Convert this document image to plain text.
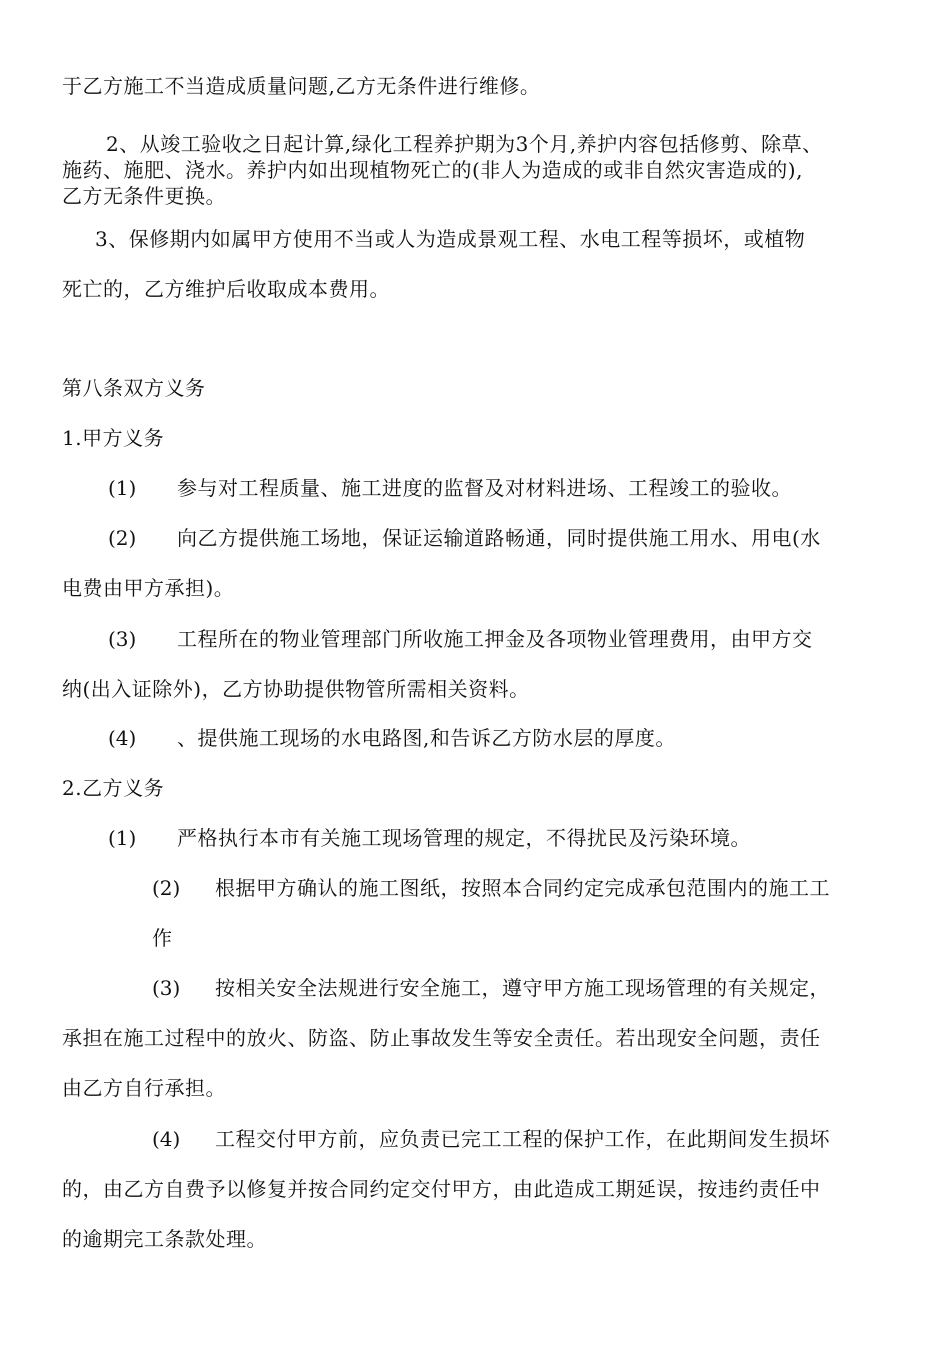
于乙方施工不当造成质量问题,乙方无条件进行维修。
2、从竣工验收之日起计算,绿化工程养护期为3个月,养护内容包括修剪、除草、
施药、施肥、浇水。养护内如出现植物死亡的(非人为造成的或非自然灾害造成的),
乙方无条件更换。
3、保修期内如属甲方使用不当或人为造成景观工程、水电工程等损坏，或植物
死亡的，乙方维护后收取成本费用。
第八条双方义务
1.甲方义务
(1) 参与对工程质量、施工进度的监督及对材料进场、工程竣工的验收。
(2) 向乙方提供施工场地，保证运输道路畅通，同时提供施工用水、用电(水
电费由甲方承担)。
(3) 工程所在的物业管理部门所收施工押金及各项物业管理费用，由甲方交
纳(出入证除外)，乙方协助提供物管所需相关资料。
(4) 、提供施工现场的水电路图,和告诉乙方防水层的厚度。
2.乙方义务
(1) 严格执行本市有关施工现场管理的规定，不得扰民及污染环境。
(2) 根据甲方确认的施工图纸，按照本合同约定完成承包范围内的施工工
作
(3) 按相关安全法规进行安全施工，遵守甲方施工现场管理的有关规定，
承担在施工过程中的放火、防盗、防止事故发生等安全责任。若出现安全问题，责任
由乙方自行承担。
(4) 工程交付甲方前，应负责已完工工程的保护工作，在此期间发生损坏
的，由乙方自费予以修复并按合同约定交付甲方，由此造成工期延误，按违约责任中
的逾期完工条款处理。
